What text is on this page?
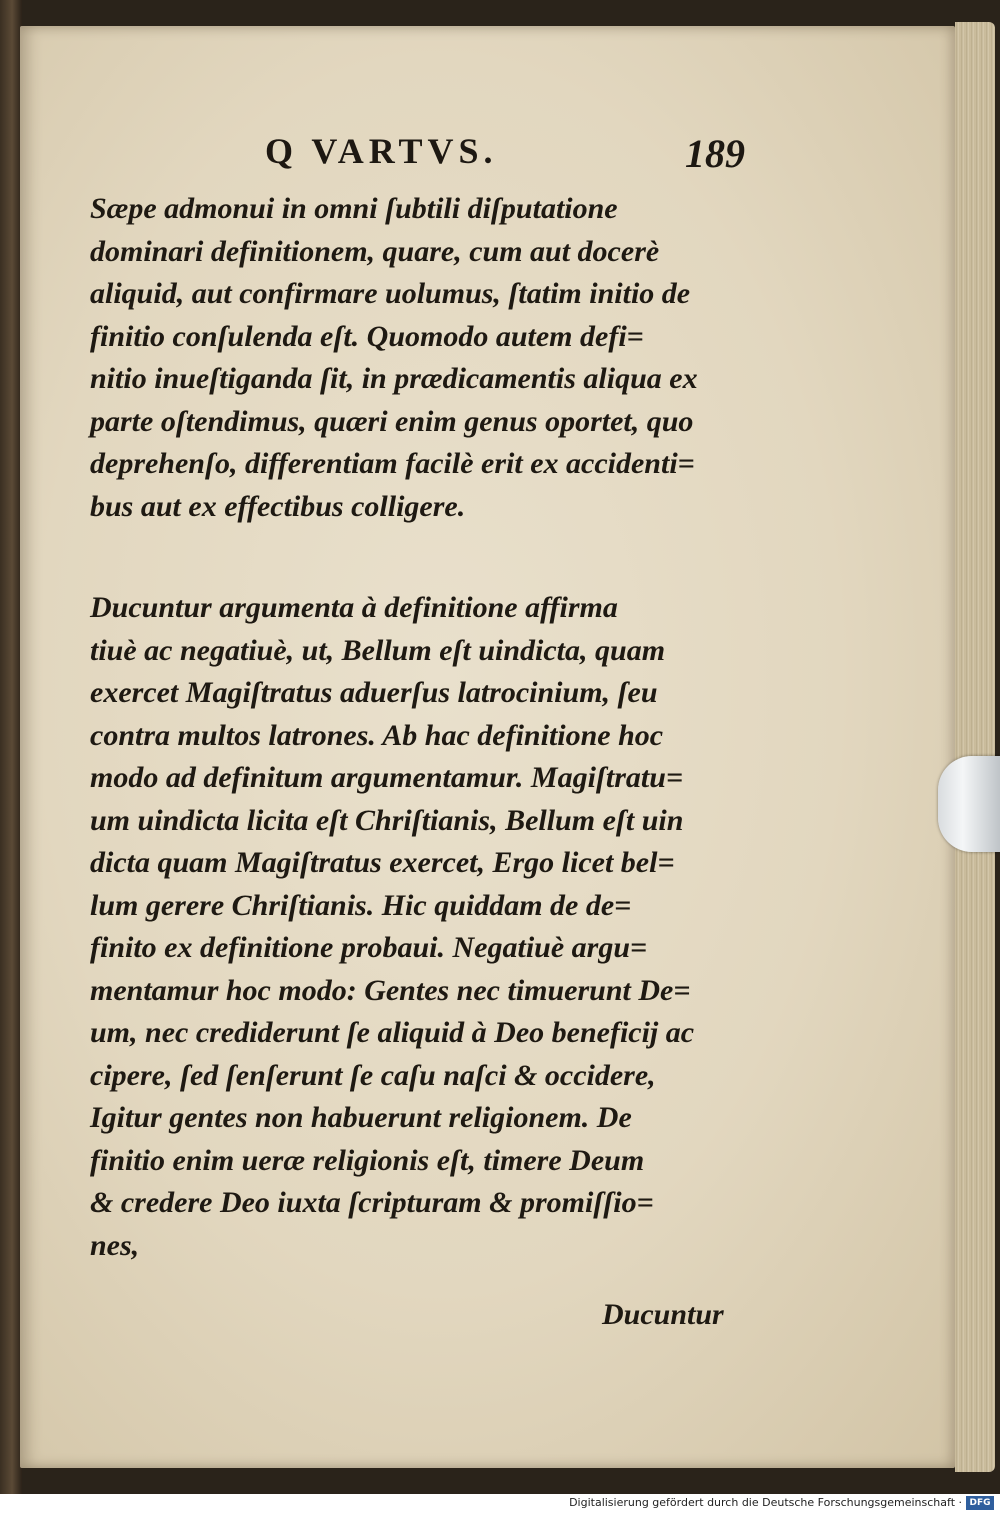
Q VARTVS.	189
Sæpe admonui in omni ſubtili diſputatione
dominari definitionem, quare, cum aut docerè
aliquid, aut confirmare uolumus, ſtatim initio de
finitio conſulenda eſt. Quomodo autem defi=
nitio inueſtiganda ſit, in prædicamentis aliqua ex
parte oſtendimus, quæri enim genus oportet, quo
deprehenſo, differentiam facilè erit ex accidenti=
bus aut ex effectibus colligere.
Ducuntur argumenta à definitione affirma
tiuè ac negatiuè, ut, Bellum eſt uindicta, quam
exercet Magiſtratus aduerſus latrocinium, ſeu
contra multos latrones. Ab hac definitione hoc
modo ad definitum argumentamur. Magiſtratu=
um uindicta licita eſt Chriſtianis, Bellum eſt uin
dicta quam Magiſtratus exercet, Ergo licet bel=
lum gerere Chriſtianis. Hic quiddam de de=
finito ex definitione probaui. Negatiuè argu=
mentamur hoc modo: Gentes nec timuerunt De=
um, nec crediderunt ſe aliquid à Deo beneficij ac
cipere, ſed ſenſerunt ſe caſu naſci & occidere,
Igitur gentes non habuerunt religionem. De
finitio enim ueræ religionis eſt, timere Deum
& credere Deo iuxta ſcripturam & promiſſio=
nes,
Ducuntur
Digitalisierung gefördert durch die Deutsche Forschungsgemeinschaft · DFG
